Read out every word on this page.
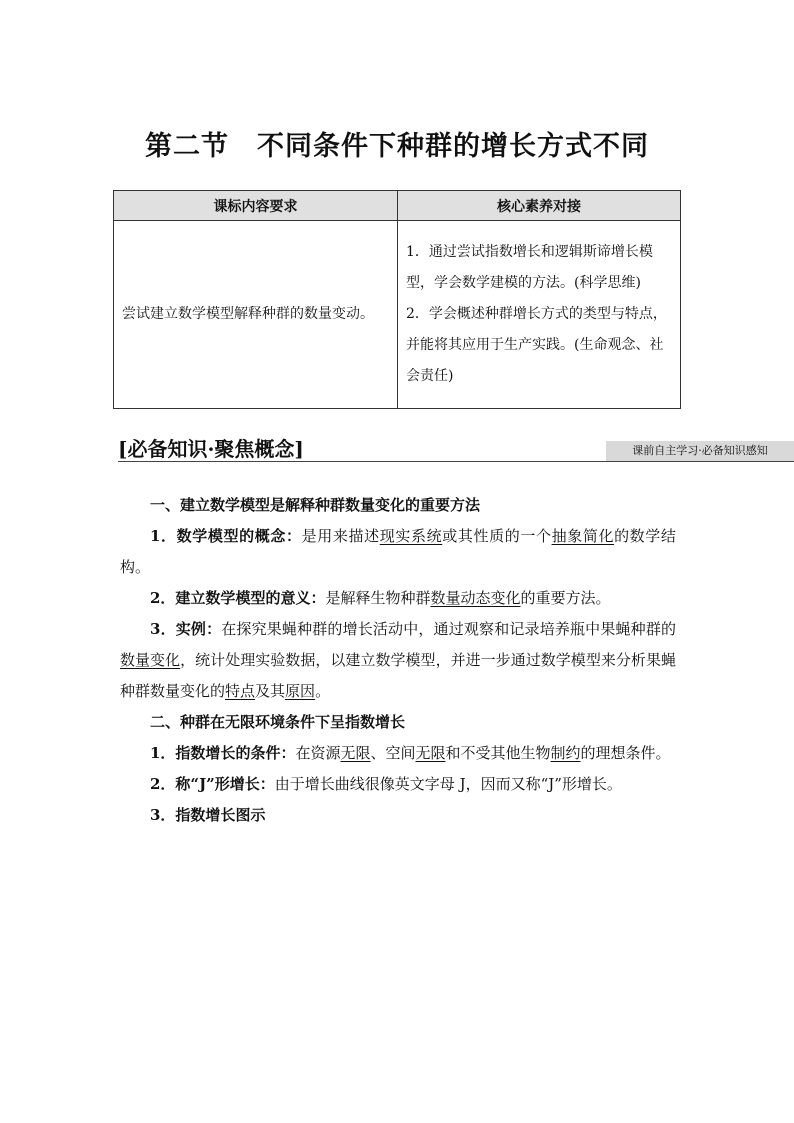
第二节　不同条件下种群的增长方式不同
课标内容要求	核心素养对接

尝试建立数学模型解释种群的数量变动。	1．通过尝试指数增长和逻辑斯谛增长模型，学会数学建模的方法。(科学思维)

2．学会概述种群增长方式的类型与特点，并能将其应用于生产实践。(生命观念、社会责任)

[必备知识·聚焦概念]	课前自主学习·必备知识感知

一、建立数学模型是解释种群数量变化的重要方法

1．数学模型的概念：是用来描述现实系统或其性质的一个抽象简化的数学结构。

2．建立数学模型的意义：是解释生物种群数量动态变化的重要方法。

3．实例：在探究果蝇种群的增长活动中，通过观察和记录培养瓶中果蝇种群的数量变化，统计处理实验数据，以建立数学模型，并进一步通过数学模型来分析果蝇种群数量变化的特点及其原因。

二、种群在无限环境条件下呈指数增长

1．指数增长的条件：在资源无限、空间无限和不受其他生物制约的理想条件。

2．称“J”形增长：由于增长曲线很像英文字母 J，因而又称“J”形增长。

3．指数增长图示
